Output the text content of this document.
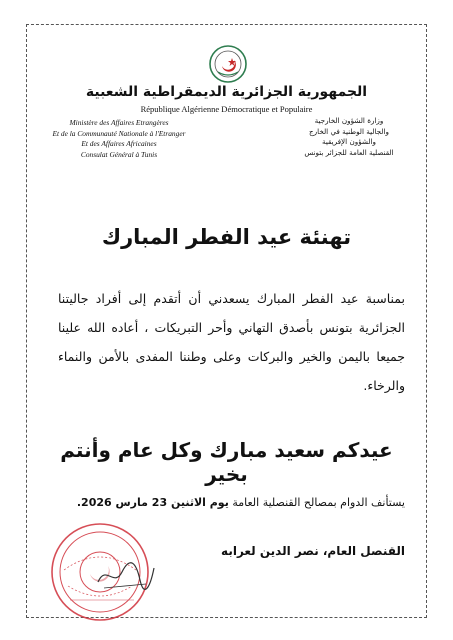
الجمهورية الجزائرية الديمقراطية الشعبية
République Algérienne Démocratique et Populaire
Ministère des Affaires Etrangères
Et de la Communauté Nationale à l'Etranger
Et des Affaires Africaines
Consulat Général à Tunis
وزارة الشؤون الخارجية
والجالية الوطنية في الخارج
والشؤون الإفريقية
القنصلية العامة للجزائر بتونس
تهنئة عيد الفطر المبارك
بمناسبة عيد الفطر المبارك يسعدني أن أتقدم إلى أفراد جاليتنا الجزائرية بتونس بأصدق التهاني وأحر التبريكات ، أعاده الله علينا جميعا باليمن والخير والبركات وعلى وطننا المفدى بالأمن والنماء والرخاء.
عيدكم سعيد مبارك وكل عام وأنتم بخير
يستأنف الدوام بمصالح القنصلية العامة يوم الاثنين 23 مارس 2026.
القنصل العام، نصر الدين لعرابه
